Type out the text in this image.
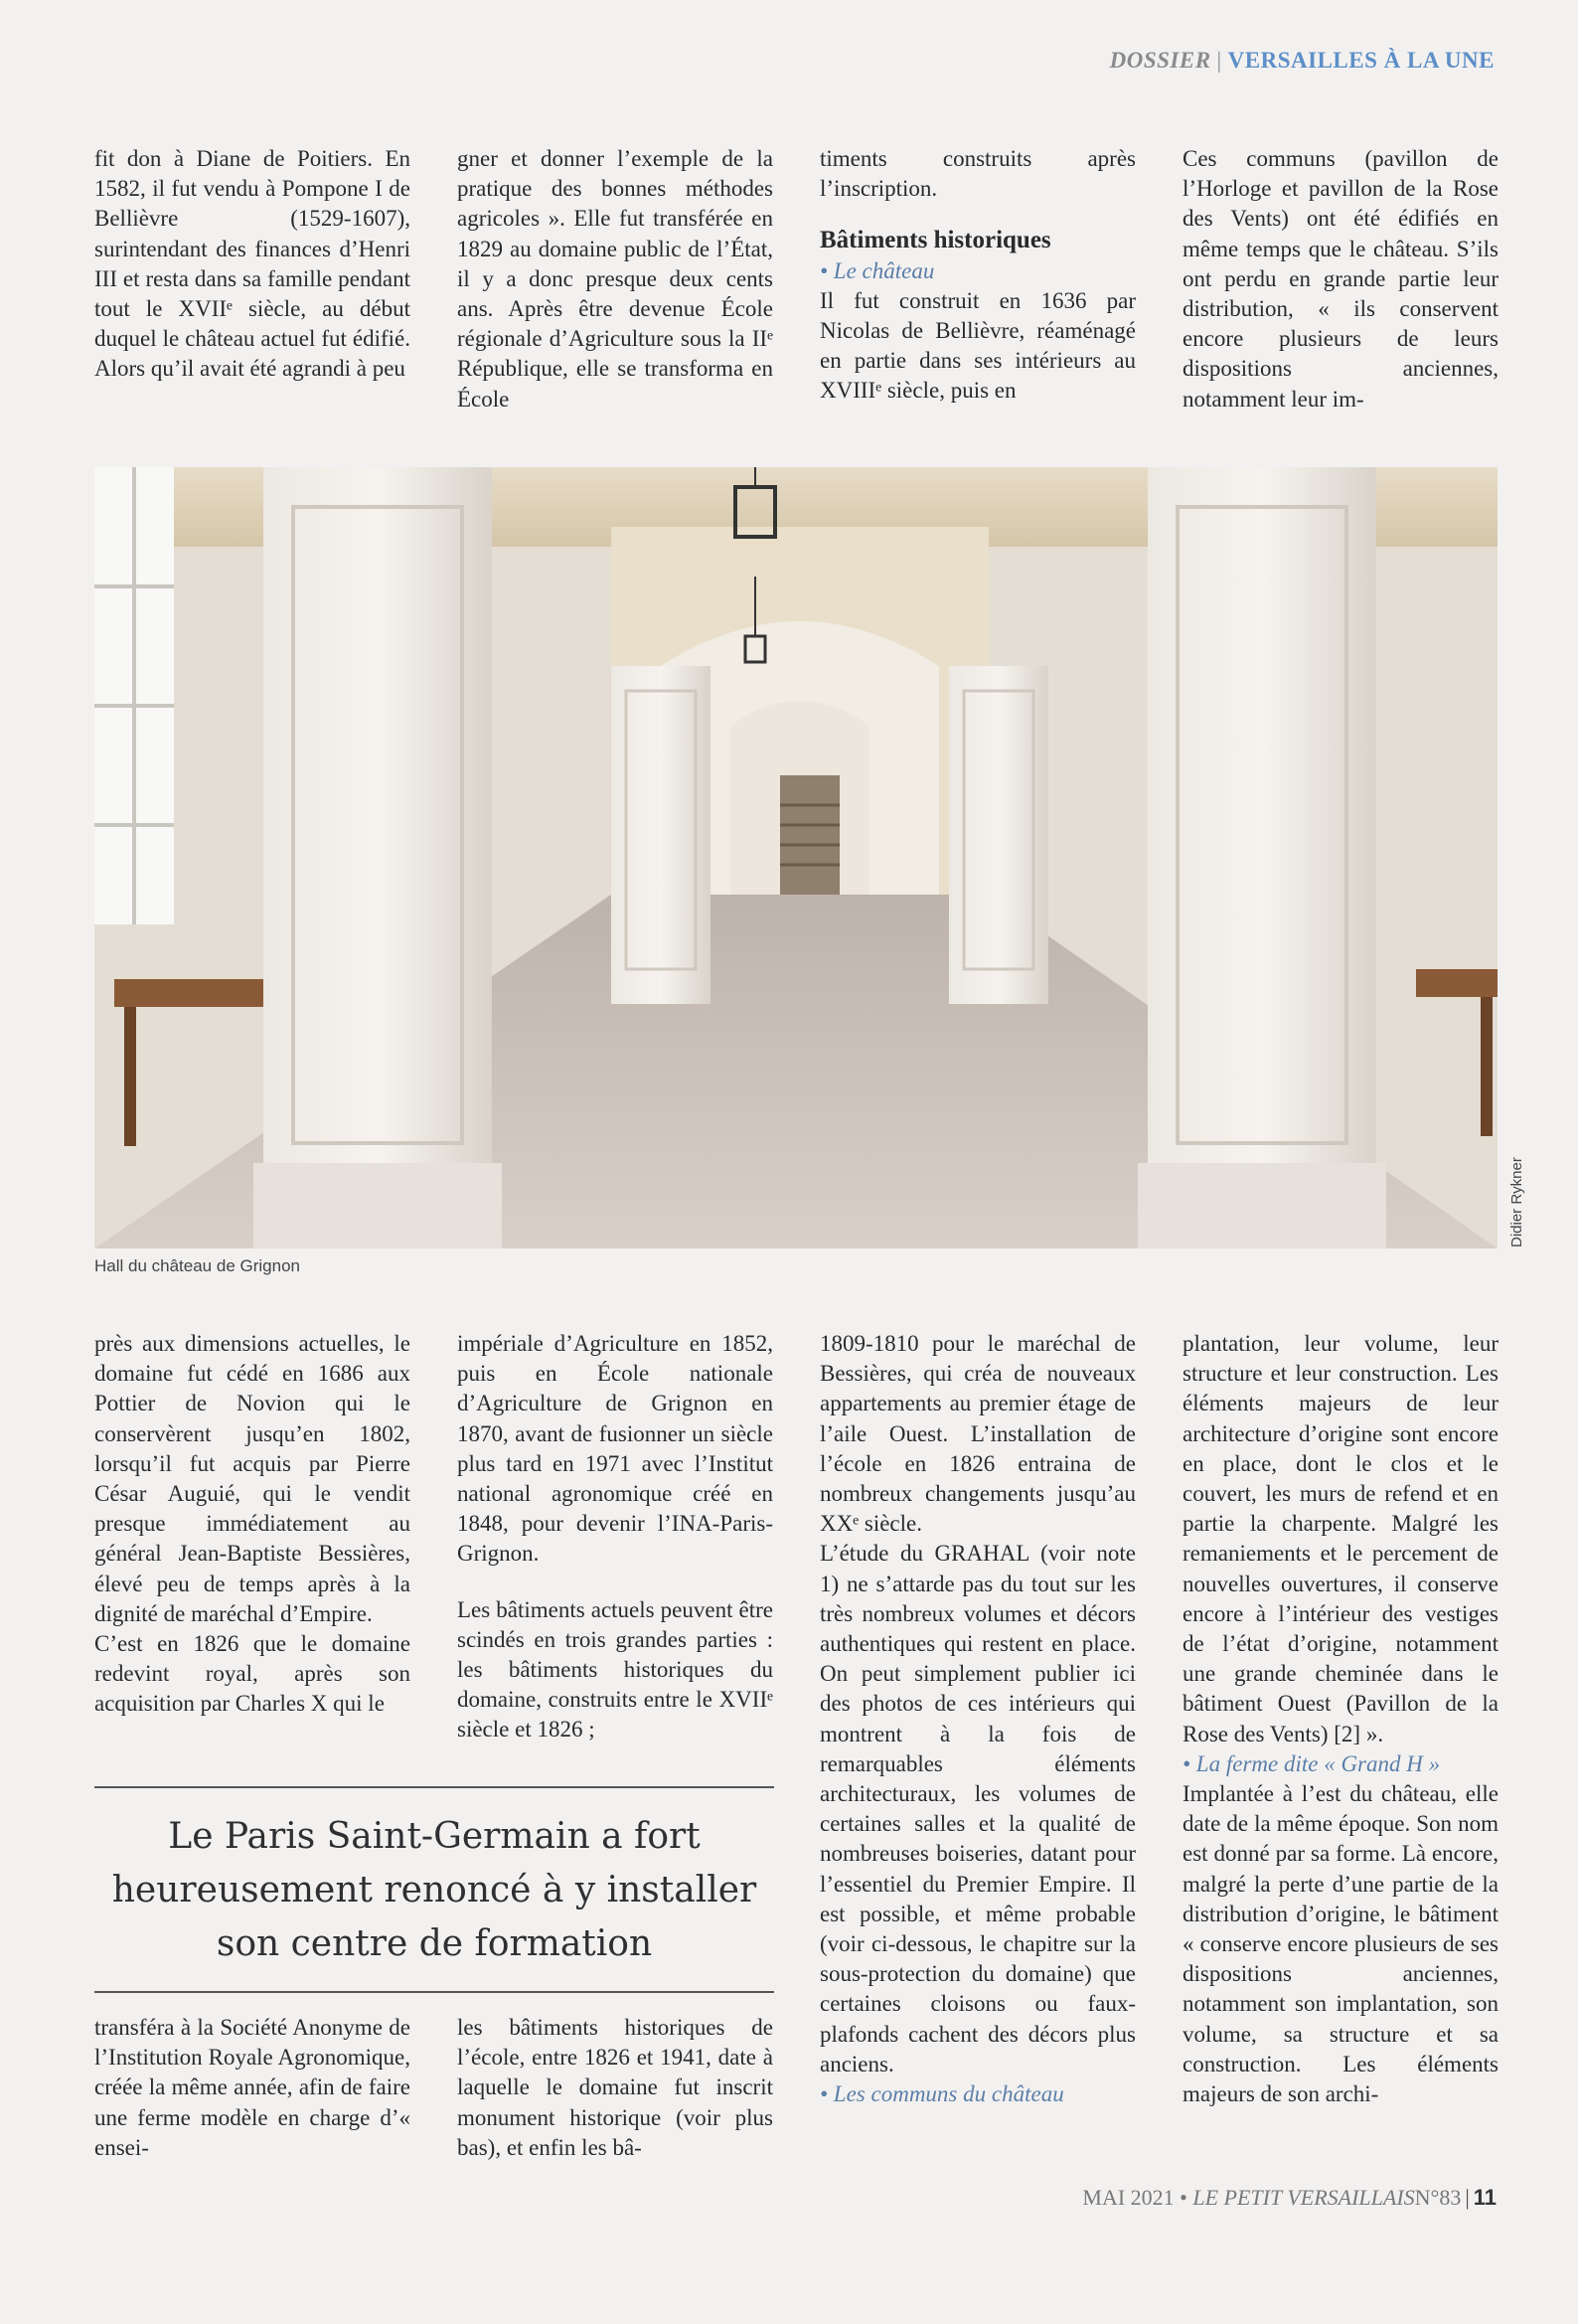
DOSSIER | VERSAILLES À LA UNE

fit don à Diane de Poitiers. En 1582, il fut vendu à Pompone I de Bellièvre (1529-1607), surintendant des finances d’Henri III et resta dans sa famille pendant tout le XVIIᵉ siècle, au début duquel le château actuel fut édifié. Alors qu’il avait été agrandi à peu

gner et donner l’exemple de la pratique des bonnes méthodes agricoles ». Elle fut transférée en 1829 au domaine public de l’État, il y a donc presque deux cents ans. Après être devenue École régionale d’Agriculture sous la IIᵉ République, elle se transforma en École

timents construits après l’inscription.

Bâtiments historiques

• Le château

Il fut construit en 1636 par Nicolas de Bellièvre, réaménagé en partie dans ses intérieurs au XVIIIᵉ siècle, puis en

Ces communs (pavillon de l’Horloge et pavillon de la Rose des Vents) ont été édifiés en même temps que le château. S’ils ont perdu en grande partie leur distribution, « ils conservent encore plusieurs de leurs dispositions anciennes, notamment leur im-

Hall du château de Grignon
Didier Rykner

près aux dimensions actuelles, le domaine fut cédé en 1686 aux Pottier de Novion qui le conservèrent jusqu’en 1802, lorsqu’il fut acquis par Pierre César Auguié, qui le vendit presque immédiatement au général Jean-Baptiste Bessières, élevé peu de temps après à la dignité de maréchal d’Empire.

C’est en 1826 que le domaine redevint royal, après son acquisition par Charles X qui le

impériale d’Agriculture en 1852, puis en École nationale d’Agriculture de Grignon en 1870, avant de fusionner un siècle plus tard en 1971 avec l’Institut national agronomique créé en 1848, pour devenir l’INA-Paris- Grignon.

Les bâtiments actuels peuvent être scindés en trois grandes parties : les bâtiments historiques du domaine, construits entre le XVIIᵉ siècle et 1826 ;

1809-1810 pour le maréchal de Bessières, qui créa de nouveaux appartements au premier étage de l’aile Ouest. L’installation de l’école en 1826 entraina de nombreux changements jusqu’au XXᵉ siècle.

L’étude du GRAHAL (voir note 1) ne s’attarde pas du tout sur les très nombreux volumes et décors authentiques qui restent en place. On peut simplement publier ici des photos de ces intérieurs qui montrent à la fois de remarquables éléments architecturaux, les volumes de certaines salles et la qualité de nombreuses boiseries, datant pour l’essentiel du Premier Empire. Il est possible, et même probable (voir ci-dessous, le chapitre sur la sous-protection du domaine) que certaines cloisons ou faux-plafonds cachent des décors plus anciens.

• Les communs du château

plantation, leur volume, leur structure et leur construction. Les éléments majeurs de leur architecture d’origine sont encore en place, dont le clos et le couvert, les murs de refend et en partie la charpente. Malgré les remaniements et le percement de nouvelles ouvertures, il conserve encore à l’intérieur des vestiges de l’état d’origine, notamment une grande cheminée dans le bâtiment Ouest (Pavillon de la Rose des Vents) [2] ».

• La ferme dite « Grand H »

Implantée à l’est du château, elle date de la même époque. Son nom est donné par sa forme. Là encore, malgré la perte d’une partie de la distribution d’origine, le bâtiment « conserve encore plusieurs de ses dispositions anciennes, notamment son implantation, son volume, sa structure et sa construction. Les éléments majeurs de son archi-

Le Paris Saint-Germain a fort heureusement renoncé à y installer son centre de formation

transféra à la Société Anonyme de l’Institution Royale Agronomique, créée la même année, afin de faire une ferme modèle en charge d’« ensei-

les bâtiments historiques de l’école, entre 1826 et 1941, date à laquelle le domaine fut inscrit monument historique (voir plus bas), et enfin les bâ-

MAI 2021 • LE PETIT VERSAILLAISN°83 | 11
